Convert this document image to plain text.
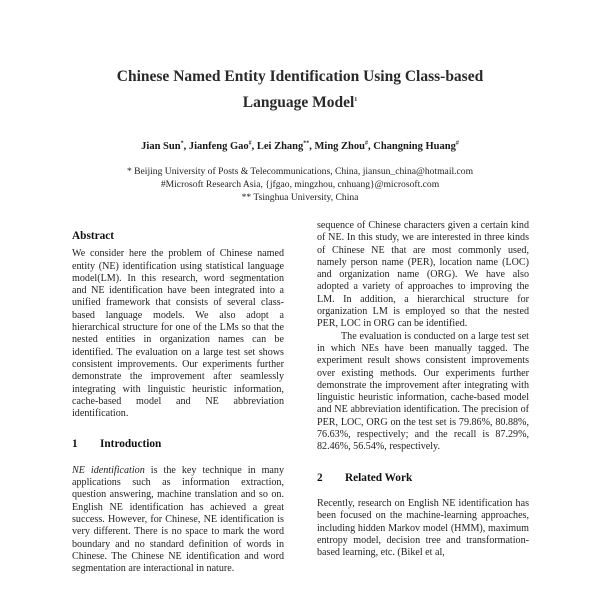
Chinese Named Entity Identification Using Class-based
Language Model$^1$
Jian Sun*, Jianfeng Gao#, Lei Zhang**, Ming Zhou#, Changning Huang#
* Beijing University of Posts & Telecommunications, China, jiansun_china@hotmail.com
#Microsoft Research Asia, {jfgao, mingzhou, cnhuang}@microsoft.com
** Tsinghua University, China
Abstract

We consider here the problem of Chinese named entity (NE) identification using statistical language model(LM). In this research, word segmentation and NE identification have been integrated into a unified framework that consists of several class-based language models. We also adopt a hierarchical structure for one of the LMs so that the nested entities in organization names can be identified. The evaluation on a large test set shows consistent improvements. Our experiments further demonstrate the improvement after seamlessly integrating with linguistic heuristic information, cache-based model and NE abbreviation identification.

1 Introduction

NE identification is the key technique in many applications such as information extraction, question answering, machine translation and so on. English NE identification has achieved a great success. However, for Chinese, NE identification is very different. There is no space to mark the word boundary and no standard definition of words in Chinese. The Chinese NE identification and word segmentation are interactional in nature.

sequence of Chinese characters given a certain kind of NE. In this study, we are interested in three kinds of Chinese NE that are most commonly used, namely person name (PER), location name (LOC) and organization name (ORG). We have also adopted a variety of approaches to improving the LM. In addition, a hierarchical structure for organization LM is employed so that the nested PER, LOC in ORG can be identified.

The evaluation is conducted on a large test set in which NEs have been manually tagged. The experiment result shows consistent improvements over existing methods. Our experiments further demonstrate the improvement after integrating with linguistic heuristic information, cache-based model and NE abbreviation identification. The precision of PER, LOC, ORG on the test set is 79.86%, 80.88%, 76.63%, respectively; and the recall is 87.29%, 82.46%, 56.54%, respectively.

2 Related Work

Recently, research on English NE identification has been focused on the machine-learning approaches, including hidden Markov model (HMM), maximum entropy model, decision tree and transformation-based learning, etc. (Bikel et al,
